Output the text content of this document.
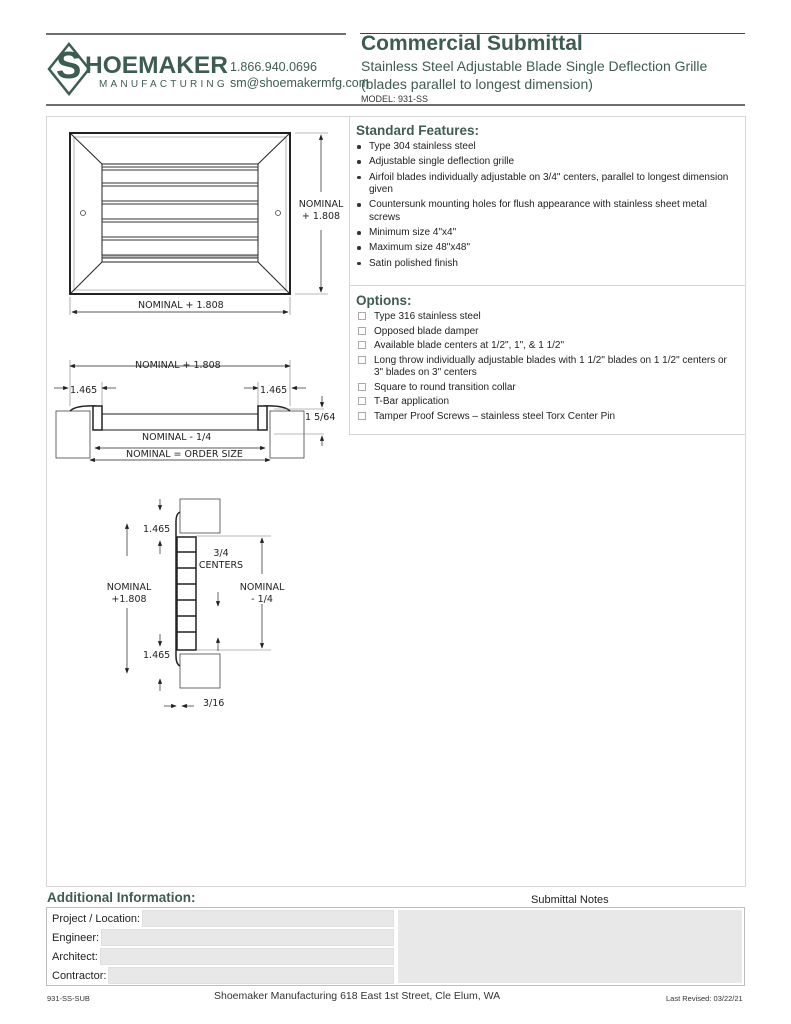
S HOEMAKER
MANUFACTURING
1.866.940.0696
sm@shoemakermfg.com
Commercial Submittal
Stainless Steel Adjustable Blade Single Deflection Grille (blades parallel to longest dimension)
MODEL: 931-SS
NOMINAL
+ 1.808
NOMINAL + 1.808
NOMINAL + 1.808
1.465	1.465
1 5/64
NOMINAL - 1/4
NOMINAL = ORDER SIZE
1.465
3/4
CENTERS
NOMINAL
+1.808
NOMINAL
- 1/4
1.465
3/16
Standard Features:
Type 304 stainless steel
Adjustable single deflection grille
Airfoil blades individually adjustable on 3/4" centers, parallel to longest dimension given
Countersunk mounting holes for flush appearance with stainless sheet metal screws
Minimum size 4"x4"
Maximum size 48"x48"
Satin polished finish
Options:
Type 316 stainless steel
Opposed blade damper
Available blade centers at 1/2", 1", & 1 1/2"
Long throw individually adjustable blades with 1 1/2" blades on 1 1/2" centers or 3" blades on 3" centers
Square to round transition collar
T-Bar application
Tamper Proof Screws – stainless steel Torx Center Pin
Additional Information:	Submittal Notes
Project / Location:
Engineer:
Architect:
Contractor:
931-SS-SUB	Shoemaker Manufacturing 618 East 1st Street, Cle Elum, WA	Last Revised: 03/22/21
